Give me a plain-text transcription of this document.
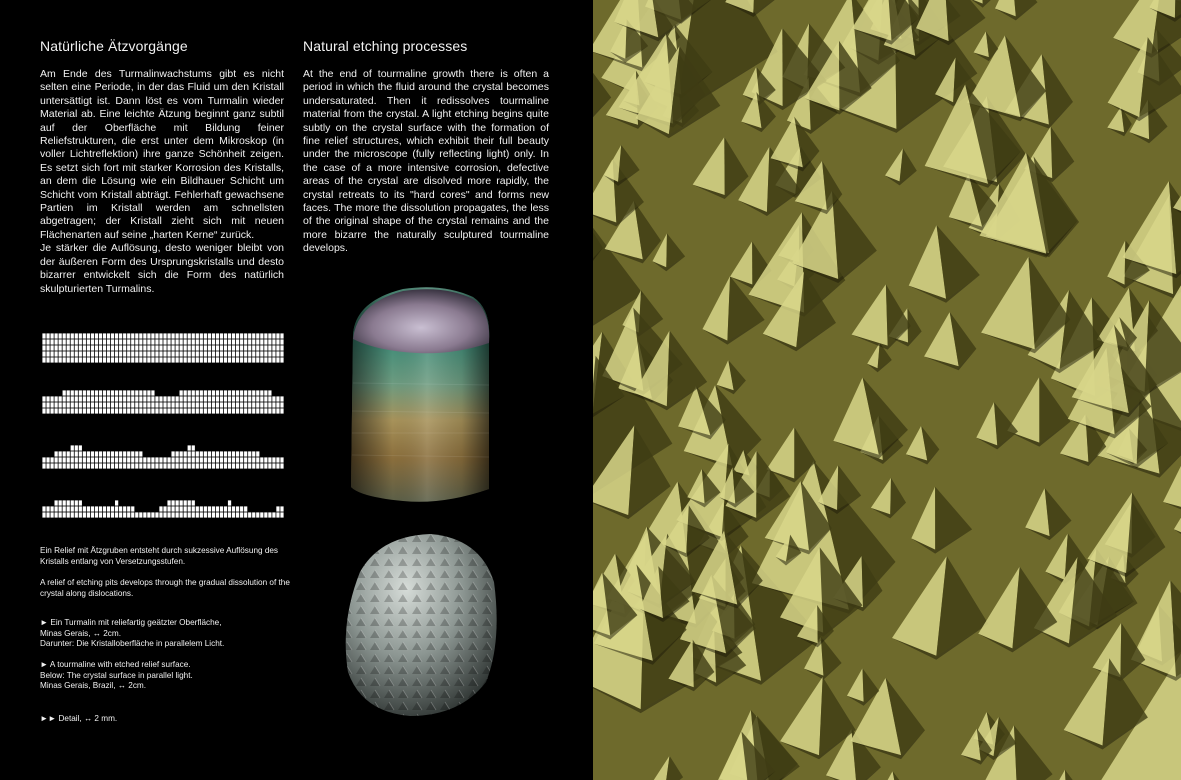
Natürliche Ätzvorgänge	Natural etching processes

Am Ende des Turmalinwachstums gibt es nicht selten eine Periode, in der das Fluid um den Kristall untersättigt ist. Dann löst es vom Turmalin wieder Material ab. Eine leichte Ätzung beginnt ganz subtil auf der Oberfläche mit Bildung feiner Reliefstrukturen, die erst unter dem Mikroskop (in voller Lichtreflektion) ihre ganze Schönheit zeigen. Es setzt sich fort mit starker Korrosion des Kristalls, an dem die Lösung wie ein Bildhauer Schicht um Schicht vom Kristall abträgt. Fehlerhaft gewachsene Partien im Kristall werden am schnellsten abgetragen; der Kristall zieht sich mit neuen Flächenarten auf seine „harten Kerne“ zurück.

Je stärker die Auflösung, desto weniger bleibt von der äußeren Form des Ursprungskristalls und desto bizarrer entwickelt sich die Form des natürlich skulpturierten Turmalins.

At the end of tourmaline growth there is often a period in which the fluid around the crystal becomes undersaturated. Then it redissolves tourmaline material from the crystal. A light etching begins quite subtly on the crystal surface with the formation of fine relief structures, which exhibit their full beauty under the microscope (fully reflecting light) only. In the case of a more intensive corrosion, defective areas of the crystal are disolved more rapidly, the crystal retreats to its "hard cores" and forms new faces. The more the dissolution propagates, the less of the original shape of the crystal remains and the more bizarre the naturally sculptured tourmaline develops.

Ein Relief mit Ätzgruben entsteht durch sukzessive Auflösung des Kristalls entlang von Versetzungsstufen.

A relief of etching pits develops through the gradual dissolution of the crystal along dislocations.

► Ein Turmalin mit reliefartig geätzter Oberfläche,

Minas Gerais, ↔ 2cm.

Darunter: Die Kristalloberfläche in parallelem Licht.

► A tourmaline with etched relief surface.

Below: The crystal surface in parallel light.

Minas Gerais, Brazil, ↔ 2cm.

►► Detail, ↔ 2 mm.
